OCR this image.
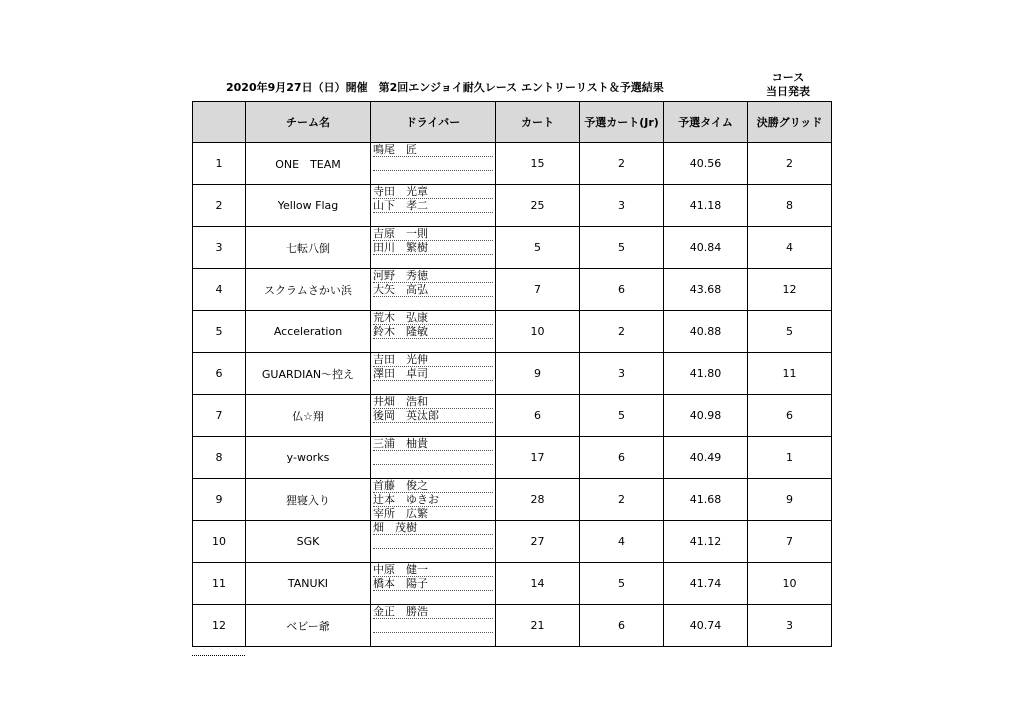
2020年9月27日（日）開催　第2回エンジョイ耐久レース エントリーリスト＆予選結果
コース
当日発表
	チーム名	ドライバー	カート	予選カート(Jr)	予選タイム	決勝グリッド
1	ONE　TEAM	鳴尾　匠	15	2	40.56	2
2	Yellow Flag	寺田　光章
山下　孝二	25	3	41.18	8
3	七転八倒	吉原　一則
田川　繁樹	5	5	40.84	4
4	スクラムさかい浜	河野　秀徳
大矢　高弘	7	6	43.68	12
5	Acceleration	荒木　弘康
鈴木　隆敏	10	2	40.88	5
6	GUARDIAN～控え	吉田　光伸
澤田　卓司	9	3	41.80	11
7	仏☆翔	井畑　浩和
後岡　英汰郎	6	5	40.98	6
8	y-works	三浦　柚貴	17	6	40.49	1
9	狸寝入り	首藤　俊之
辻本　ゆきお
宰所　広繁	28	2	41.68	9
10	SGK	畑　茂樹	27	4	41.12	7
11	TANUKI	中原　健一
橋本　陽子	14	5	41.74	10
12	ベビー爺	金正　勝浩	21	6	40.74	3
